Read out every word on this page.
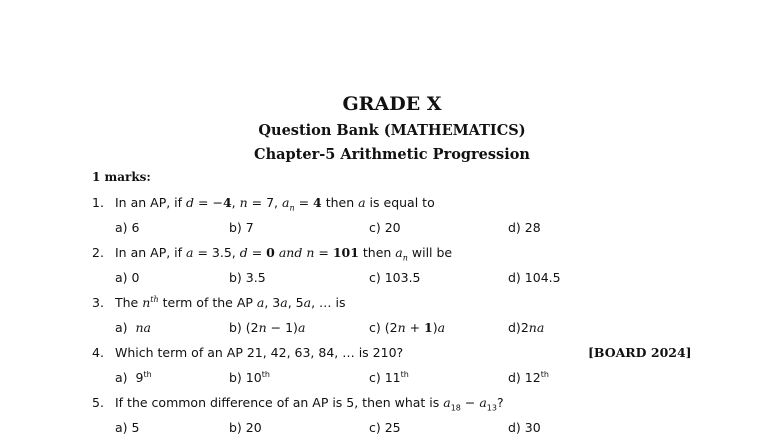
GRADE X
Question Bank (MATHEMATICS)
Chapter-5 Arithmetic Progression
1 marks:
1. In an AP, if d = −4, n = 7, $a_n = 4$ then a is equal to
a) 6	b) 7	c) 20	d) 28
2. In an AP, if a = 3.5, d = 0 and n = 101 then $a_n$ will be
a) 0	b) 3.5	c) 103.5	d) 104.5
3. The $n^{th}$ term of the AP a, 3a, 5a, … is
a) na	b) (2n − 1)a	c) (2n + 1)a	d)2na
4. Which term of an AP 21, 42, 63, 84, … is 210?	[BOARD 2024]
a)  9th	b) 10th	c) 11th	d) 12th
5. If the common difference of an AP is 5, then what is $a_{18} - a_{13}$?
a) 5	b) 20	c) 25	d) 30
